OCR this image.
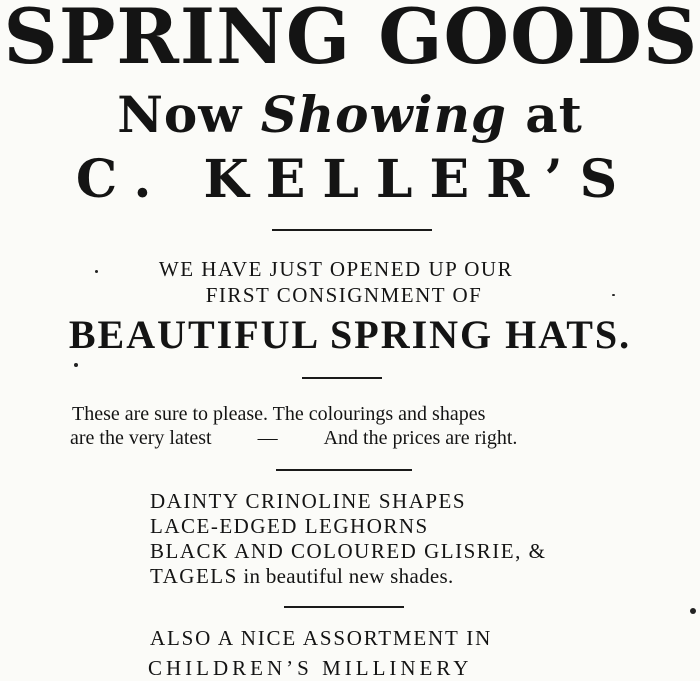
SPRING GOODS
Now Showing at
C. KELLER’S

WE HAVE JUST OPENED UP OUR

FIRST CONSIGNMENT OF

BEAUTIFUL SPRING HATS.

These are sure to please. The colourings and shapes

are the very latest — And the prices are right.

DAINTY CRINOLINE SHAPES

LACE-EDGED LEGHORNS

BLACK AND COLOURED GLISRIE, &

TAGELS in beautiful new shades.

ALSO A NICE ASSORTMENT IN

CHILDREN’S MILLINERY
